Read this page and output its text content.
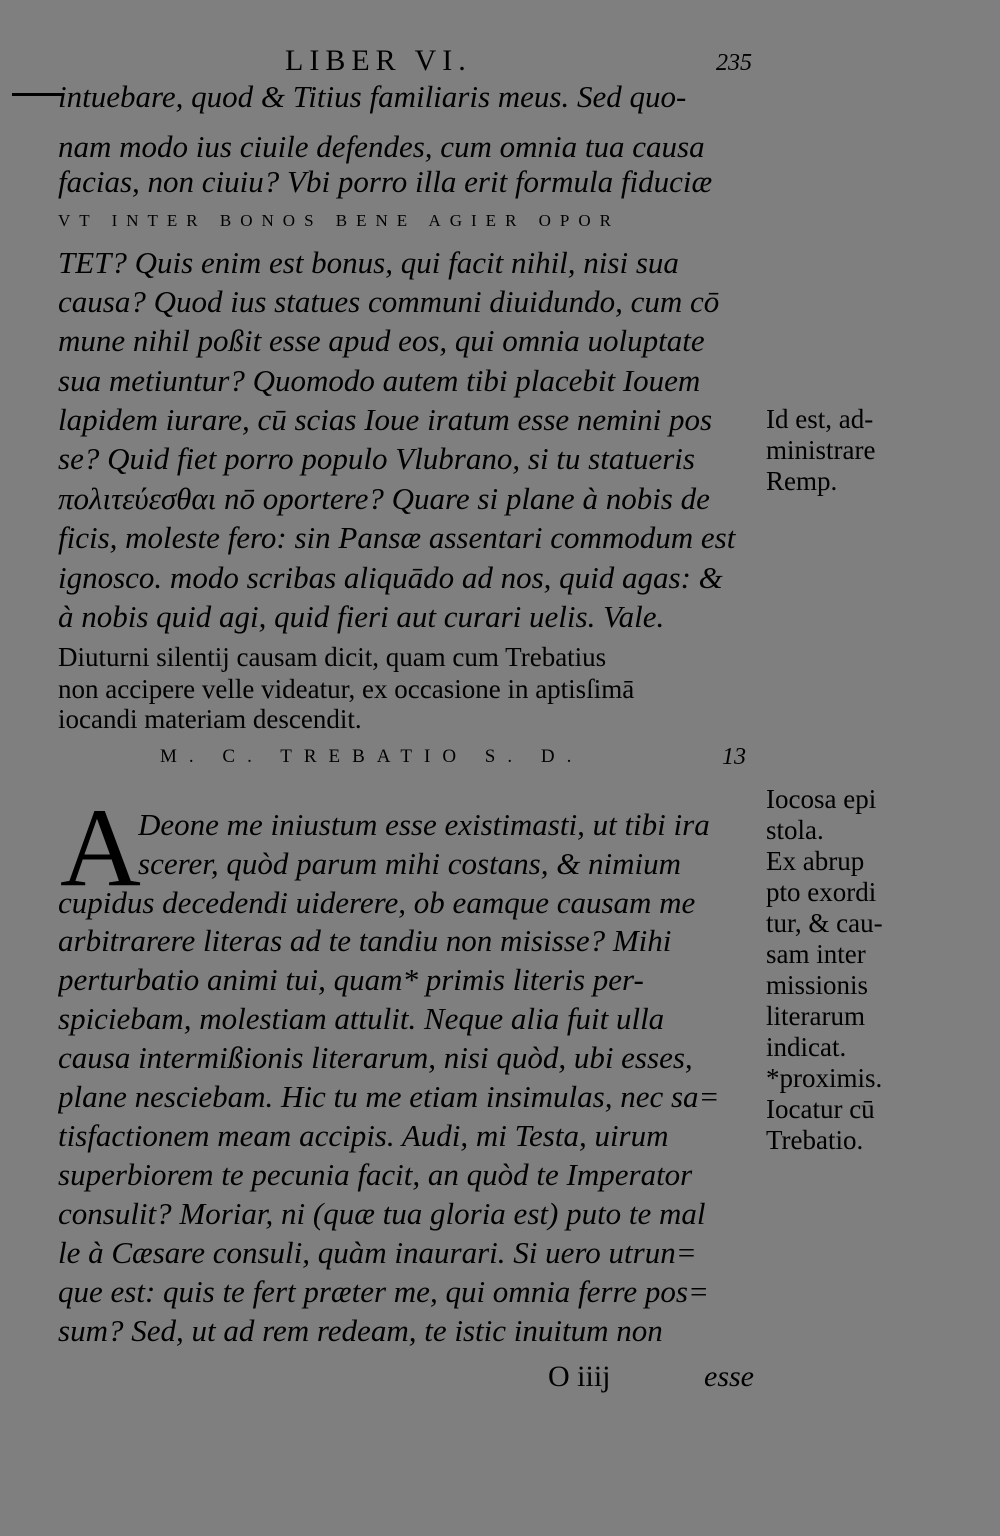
LIBER VI.	235
intuebare, quod & Titius familiaris meus. Sed quo-
nam modo ius ciuile defendes, cum omnia tua causa
facias, non ciuiu? Vbi porro illa erit formula fiduciæ
VT INTER BONOS BENE AGIER OPOR
TET? Quis enim est bonus, qui facit nihil, nisi sua
causa? Quod ius statues communi diuidundo, cum cō
mune nihil poßit esse apud eos, qui omnia uoluptate
sua metiuntur? Quomodo autem tibi placebit Iouem
lapidem iurare, cū scias Ioue iratum esse nemini pos
se? Quid fiet porro populo Vlubrano, si tu statueris
πολιτεύεσθαι nō oportere? Quare si plane à nobis de
ficis, moleste fero: sin Pansæ assentari commodum est
ignosco. modo scribas aliquādo ad nos, quid agas: &
à nobis quid agi, quid fieri aut curari uelis. Vale.
Diuturni silentij causam dicit, quam cum Trebatius
non accipere velle videatur, ex occasione in aptisſimā
iocandi materiam descendit.
M. C. TREBATIO S. D.	13
A
Deone me iniustum esse existimasti, ut tibi ira
scerer, quòd parum mihi costans, & nimium
cupidus decedendi uiderere, ob eamque causam me
arbitrarere literas ad te tandiu non misisse? Mihi
perturbatio animi tui, quam* primis literis per-
spiciebam, molestiam attulit. Neque alia fuit ulla
causa intermißionis literarum, nisi quòd, ubi esses,
plane nesciebam. Hic tu me etiam insimulas, nec sa=
tisfactionem meam accipis. Audi, mi Testa, uirum
superbiorem te pecunia facit, an quòd te Imperator
consulit? Moriar, ni (quæ tua gloria est) puto te mal
le à Cæsare consuli, quàm inaurari. Si uero utrun=
que est: quis te fert præter me, qui omnia ferre pos=
sum? Sed, ut ad rem redeam, te istic inuitum non
Id est, ad-
ministrare
Remp.
Iocosa epi
stola.
Ex abrup
pto exordi
tur, & cau-
sam inter
missionis
literarum
indicat.
*proximis.
Iocatur cū
Trebatio.
O iiij	esse
